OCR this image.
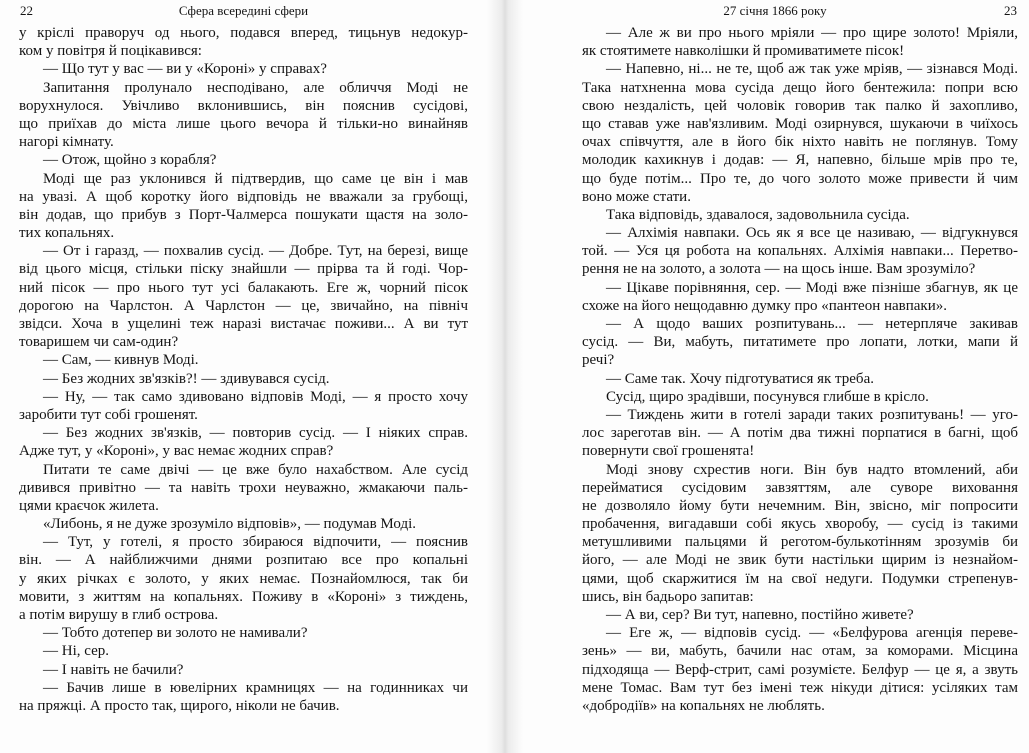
22	Сфера всередині сфери
у кріслі праворуч од нього, подався вперед, тицьнув недокур-
ком у повітря й поцікавився:
— Що тут у вас — ви у «Короні» у справах?
Запитання пролунало несподівано, але обличчя Моді не
ворухнулося. Увічливо вклонившись, він пояснив сусідові,
що приїхав до міста лише цього вечора й тільки-но винайняв
нагорі кімнату.
— Отож, щойно з корабля?
Моді ще раз уклонився й підтвердив, що саме це він і мав
на увазі. А щоб коротку його відповідь не вважали за грубощі,
він додав, що прибув з Порт-Чалмерса пошукати щастя на золо-
тих копальнях.
— От і гаразд, — похвалив сусід. — Добре. Тут, на березі, вище
від цього місця, стільки піску знайшли — прірва та й годі. Чор-
ний пісок — про нього тут усі балакають. Еге ж, чорний пісок
дорогою на Чарлстон. А Чарлстон — це, звичайно, на північ
звідси. Хоча в ущелині теж наразі вистачає поживи... А ви тут
товаришем чи сам-один?
— Сам, — кивнув Моді.
— Без жодних зв'язків?! — здивувався сусід.
— Ну, — так само здивовано відповів Моді, — я просто хочу
заробити тут собі грошенят.
— Без жодних зв'язків, — повторив сусід. — І ніяких справ.
Адже тут, у «Короні», у вас немає жодних справ?
Питати те саме двічі — це вже було нахабством. Але сусід
дивився привітно — та навіть трохи неуважно, жмакаючи паль-
цями краєчок жилета.
«Либонь, я не дуже зрозуміло відповів», — подумав Моді.
— Тут, у готелі, я просто збираюся відпочити, — пояснив
він. — А найближчими днями розпитаю все про копальні
у яких річках є золото, у яких немає. Познайомлюся, так би
мовити, з життям на копальнях. Поживу в «Короні» з тиждень,
а потім вирушу в глиб острова.
— Тобто дотепер ви золото не намивали?
— Ні, сер.
— І навіть не бачили?
— Бачив лише в ювелірних крамницях — на годинниках чи
на пряжці. А просто так, щирого, ніколи не бачив.
27 січня 1866 року	23
— Але ж ви про нього мріяли — про щире золото! Мріяли,
як стоятимете навколішки й промиватимете пісок!
— Напевно, ні... не те, щоб аж так уже мріяв, — зізнався Моді.
Така натхненна мова сусіда дещо його бентежила: попри всю
свою нездалість, цей чоловік говорив так палко й захопливо,
що ставав уже нав'язливим. Моді озирнувся, шукаючи в чиїхось
очах співчуття, але в його бік ніхто навіть не поглянув. Тому
молодик кахикнув і додав: — Я, напевно, більше мрів про те,
що буде потім... Про те, до чого золото може привести й чим
воно може стати.
Така відповідь, здавалося, задовольнила сусіда.
— Алхімія навпаки. Ось як я все це називаю, — відгукнувся
той. — Уся ця робота на копальнях. Алхімія навпаки... Перетво-
рення не на золото, а золота — на щось інше. Вам зрозуміло?
— Цікаве порівняння, сер. — Моді вже пізніше збагнув, як це
схоже на його нещодавню думку про «пантеон навпаки».
— А щодо ваших розпитувань... — нетерпляче закивав
сусід. — Ви, мабуть, питатимете про лопати, лотки, мапи й
речі?
— Саме так. Хочу підготуватися як треба.
Сусід, щиро зрадівши, посунувся глибше в крісло.
— Тиждень жити в готелі заради таких розпитувань! — уго-
лос зареготав він. — А потім два тижні порпатися в багні, щоб
повернути свої грошенята!
Моді знову схрестив ноги. Він був надто втомлений, аби
перейматися сусідовим завзяттям, але суворе виховання
не дозволяло йому бути нечемним. Він, звісно, міг попросити
пробачення, вигадавши собі якусь хворобу, — сусід із такими
метушливими пальцями й реготом-булькотінням зрозумів би
його, — але Моді не звик бути настільки щирим із незнайом-
цями, щоб скаржитися їм на свої недуги. Подумки стрепенув-
шись, він бадьоро запитав:
— А ви, сер? Ви тут, напевно, постійно живете?
— Еге ж, — відповів сусід. — «Белфурова агенція переве-
зень» — ви, мабуть, бачили нас отам, за коморами. Місцина
підходяща — Верф-стрит, самі розумієте. Белфур — це я, а звуть
мене Томас. Вам тут без імені теж нікуди дітися: усіляких там
«добродіїв» на копальнях не люблять.
